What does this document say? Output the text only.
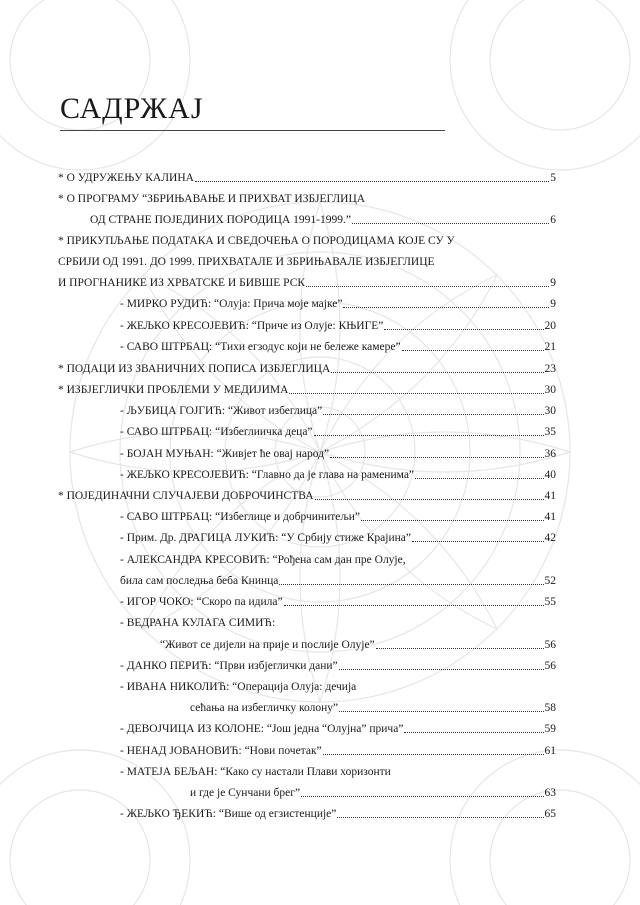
САДРЖАЈ
* О УДРУЖЕЊУ КАЛИНА	5
* О ПРОГРАМУ “ЗБРИЊАВАЊЕ И ПРИХВАТ ИЗБЈЕГЛИЦА
ОД СТРАНЕ ПОЈЕДИНИХ ПОРОДИЦА 1991-1999.”	6
* ПРИКУПЉАЊЕ ПОДАТАКА И СВЕДОЧЕЊА О ПОРОДИЦАМА КОЈЕ СУ У
СРБИЈИ ОД 1991. ДО 1999. ПРИХВАТАЛЕ И ЗБРИЊАВАЛЕ ИЗБЈЕГЛИЦЕ
И ПРОГНАНИКЕ ИЗ ХРВАТСКЕ И БИВШЕ РСК	9
- МИРКО РУДИЋ: “Олуја: Прича моје мајке”	9
- ЖЕЉКО КРЕСОЈЕВИЋ: “Приче из Олује: КЊИГЕ”	20
- САВО ШТРБАЦ: “Тихи егзодус који не бележе камере”	21
* ПОДАЦИ ИЗ ЗВАНИЧНИХ ПОПИСА ИЗБЈЕГЛИЦА	23
* ИЗБЈЕГЛИЧКИ ПРОБЛЕМИ У МЕДИЈИМА	30
- ЉУБИЦА ГОЈГИЋ: “Живот избеглица”	30
- САВО ШТРБАЦ: “Избеглиичка деца”	35
- БОЈАН МУЊАН: “Живјет ће овај народ”	36
- ЖЕЉКО КРЕСОЈЕВИЋ: “Главно да је глава на раменима”	40
* ПОЈЕДИНАЧНИ СЛУЧАЈЕВИ ДОБРОЧИНСТВА	41
- САВО ШТРБАЦ: “Избеглице и добрчинитељи”	41
- Прим. Др. ДРАГИЦА ЛУКИЋ: “У Србију стиже Крајина”	42
- АЛЕКСАНДРА КРЕСОВИЋ: “Рођена сам дан пре Олује,
била сам последња беба Книнца	52
- ИГОР ЧОКО: “Скоро па идила”	55
- ВЕДРАНА КУЛАГА СИМИЋ:
“Живот се дијели на прије и послије Олује”	56
- ДАНКО ПЕРИЋ: “Први избјеглички дани”	56
- ИВАНА НИКОЛИЋ: “Операција Олуја: дечија
сећања на избегличку колону”	58
- ДЕВОЈЧИЦА ИЗ КОЛОНЕ: “Још једна “Олујна” прича”	59
- НЕНАД ЈОВАНОВИЋ: “Нови почетак”	61
- МАТЕЈА БЕЉАН: “Како су настали Плави хоризонти
и где је Сунчани брег”	63
- ЖЕЉКО ЂЕКИЋ: “Више од егзистенције”	65
